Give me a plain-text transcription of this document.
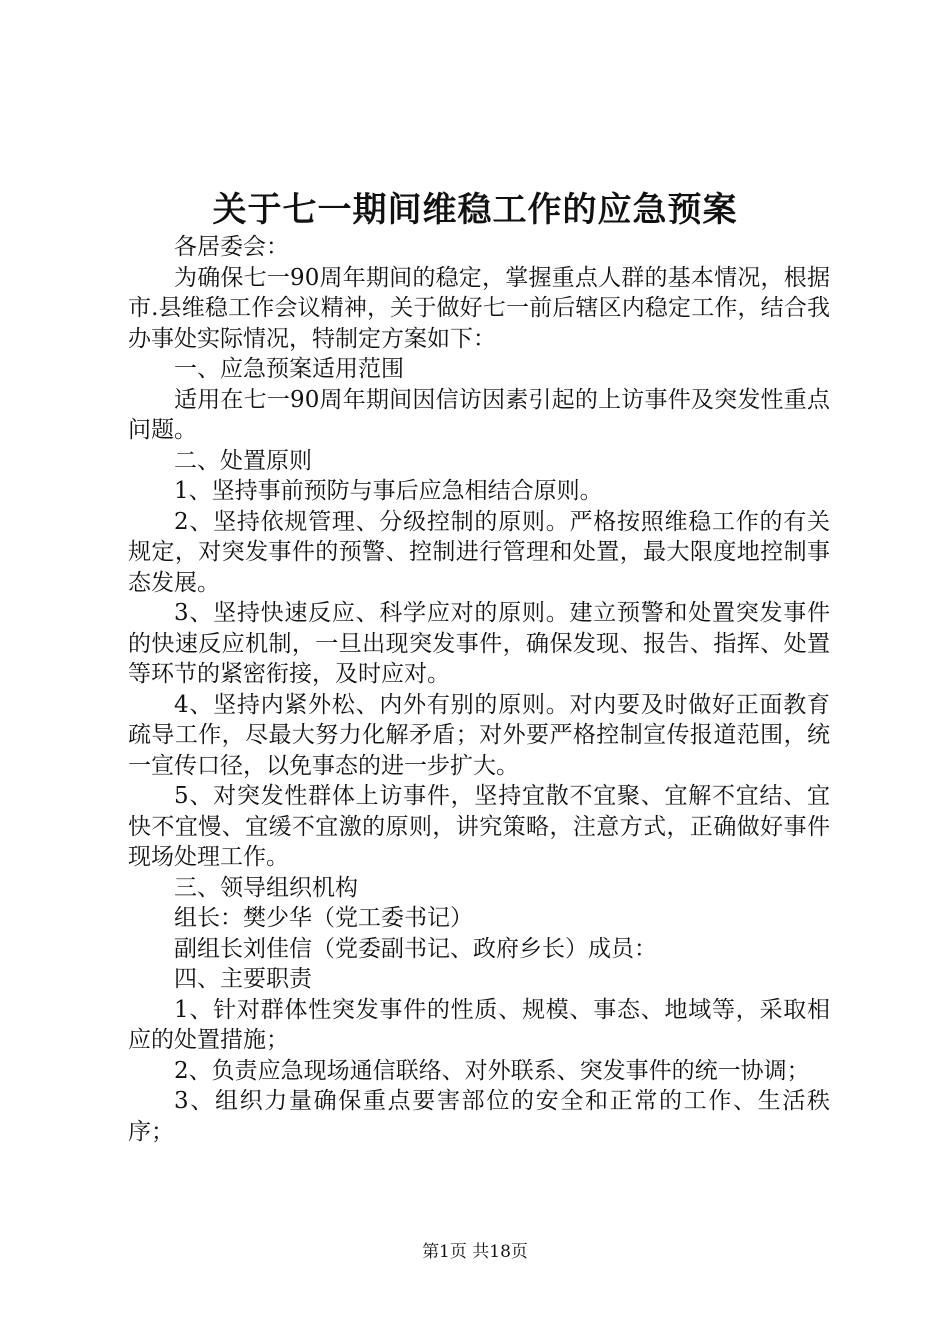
关于七一期间维稳工作的应急预案

各居委会：

为确保七一90周年期间的稳定，掌握重点人群的基本情况，根据市.县维稳工作会议精神，关于做好七一前后辖区内稳定工作，结合我办事处实际情况，特制定方案如下：

一、应急预案适用范围

适用在七一90周年期间因信访因素引起的上访事件及突发性重点问题。

二、处置原则

1、坚持事前预防与事后应急相结合原则。

2、坚持依规管理、分级控制的原则。严格按照维稳工作的有关规定，对突发事件的预警、控制进行管理和处置，最大限度地控制事态发展。

3、坚持快速反应、科学应对的原则。建立预警和处置突发事件的快速反应机制，一旦出现突发事件，确保发现、报告、指挥、处置等环节的紧密衔接，及时应对。

4、坚持内紧外松、内外有别的原则。对内要及时做好正面教育疏导工作，尽最大努力化解矛盾；对外要严格控制宣传报道范围，统一宣传口径，以免事态的进一步扩大。

5、对突发性群体上访事件，坚持宜散不宜聚、宜解不宜结、宜快不宜慢、宜缓不宜激的原则，讲究策略，注意方式，正确做好事件现场处理工作。

三、领导组织机构

组长：樊少华（党工委书记）

副组长刘佳信（党委副书记、政府乡长）成员：

四、主要职责

1、针对群体性突发事件的性质、规模、事态、地域等，采取相应的处置措施；

2、负责应急现场通信联络、对外联系、突发事件的统一协调；

3、组织力量确保重点要害部位的安全和正常的工作、生活秩序；

第1页 共18页
